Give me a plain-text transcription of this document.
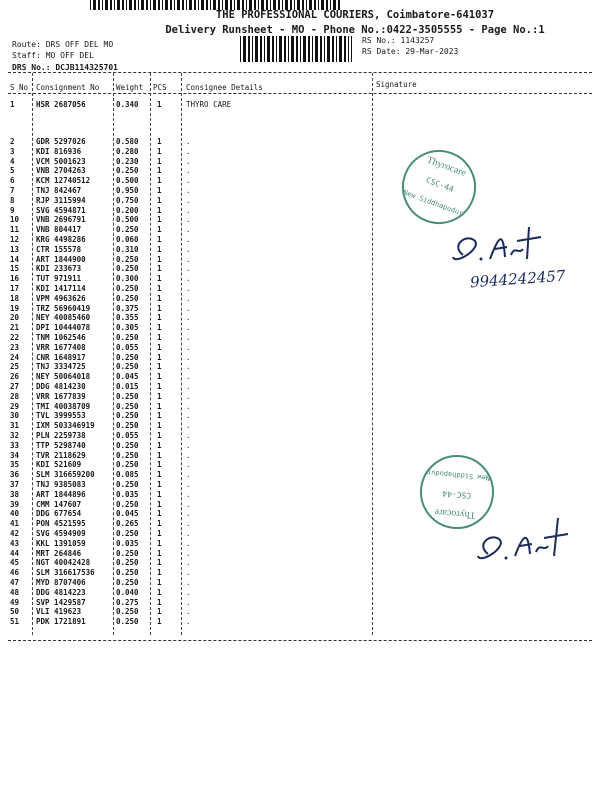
THE PROFESSIONAL COURIERS, Coimbatore-641037
Delivery Runsheet - MO - Phone No.:0422-3505555 - Page No.:1
Route: DRS OFF DEL MO
Staff: MO OFF DEL
DRS No.: DCJB114325701
RS No.: 1143257
RS Date: 29-Mar-2023
S No Consignment No Weight PCS	Consignee Details	Signature
1	HSR 2687056	0.340 1	THYRO CARE
2	GDR 5297026	0.580 1	.
3	KDI 816936	0.280 1	.
4	VCM 5001623	0.230 1	.
5	VNB 2704263	0.250 1	.
6	KCM 12740512	0.500 1	.
7	TNJ 842467	0.950 1	.
8	RJP 3115994	0.750 1	.
9	SVG 4594871	0.200 1	.
10 VNB 2696791	0.500 1	.
11 VNB 804417	0.250 1	.
12 KRG 4498286	0.060 1	.
13 CTR 155578	0.310 1	.
14 ART 1844900	0.250 1	.
15 KDI 233673	0.250 1	.
16 TUT 971911	0.300 1	.
17 KDI 1417114	0.250 1	.
18 VPM 4963626	0.250 1	.
19 TRZ 56960419	0.375 1	.
20 NEY 40085460	0.355 1	.
21 DPI 10444078	0.305 1	.
22 TNM 1062546	0.250 1	.
23 VRR 1677408	0.055 1	.
24 CNR 1648917	0.250 1	.
25 TNJ 3334725	0.250 1	.
26 NEY 50064018	0.045 1	.
27 DDG 4814230	0.015 1	.
28 VRR 1677839	0.250 1	.
29 TMI 40038709	0.250 1	.
30 TVL 3999553	0.250 1	.
31 IXM 503346919	0.250 1	.
32 PLN 2259738	0.055 1	.
33 TTP 5298740	0.250 1	.
34 TVR 2118629	0.250 1	.
35 KDI 521609	0.250 1	.
36 SLM 316659200	0.085 1	.
37 TNJ 9385083	0.250 1	.
38 ART 1844896	0.035 1	.
39 CMM 147607	0.250 1	.
40 DDG 677654	0.045 1	.
41 PON 4521595	0.265 1	.
42 SVG 4594909	0.250 1	.
43 KKL 1391059	0.035 1	.
44 MRT 264846	0.250 1	.
45 NGT 40042428	0.250 1	.
46 SLM 316617536	0.250 1	.
47 MYD 8707406	0.250 1	.
48 DDG 4814223	0.040 1	.
49 SVP 1429587	0.275 1	.
50 VLI 419623	0.250 1	.
51 PDK 1721891	0.250 1	.
Thyrocare
CSC-44
New Siddhapudur
9944242457
Thyrocare
CSC-44
New Siddhapudur
